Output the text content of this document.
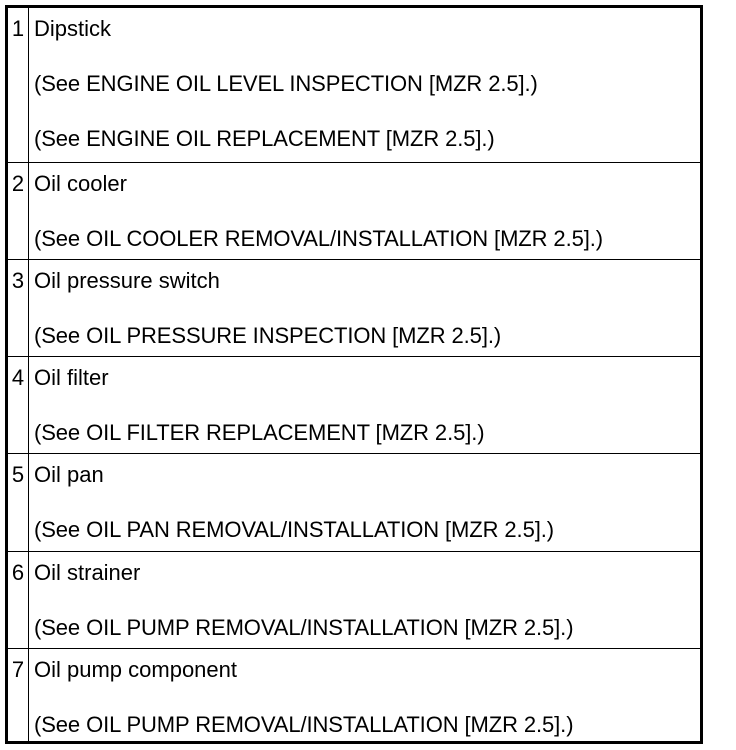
1 Dipstick
(See ENGINE OIL LEVEL INSPECTION [MZR 2.5].)
(See ENGINE OIL REPLACEMENT [MZR 2.5].)
2 Oil cooler
(See OIL COOLER REMOVAL/INSTALLATION [MZR 2.5].)
3 Oil pressure switch
(See OIL PRESSURE INSPECTION [MZR 2.5].)
4 Oil filter
(See OIL FILTER REPLACEMENT [MZR 2.5].)
5 Oil pan
(See OIL PAN REMOVAL/INSTALLATION [MZR 2.5].)
6 Oil strainer
(See OIL PUMP REMOVAL/INSTALLATION [MZR 2.5].)
7 Oil pump component
(See OIL PUMP REMOVAL/INSTALLATION [MZR 2.5].)
